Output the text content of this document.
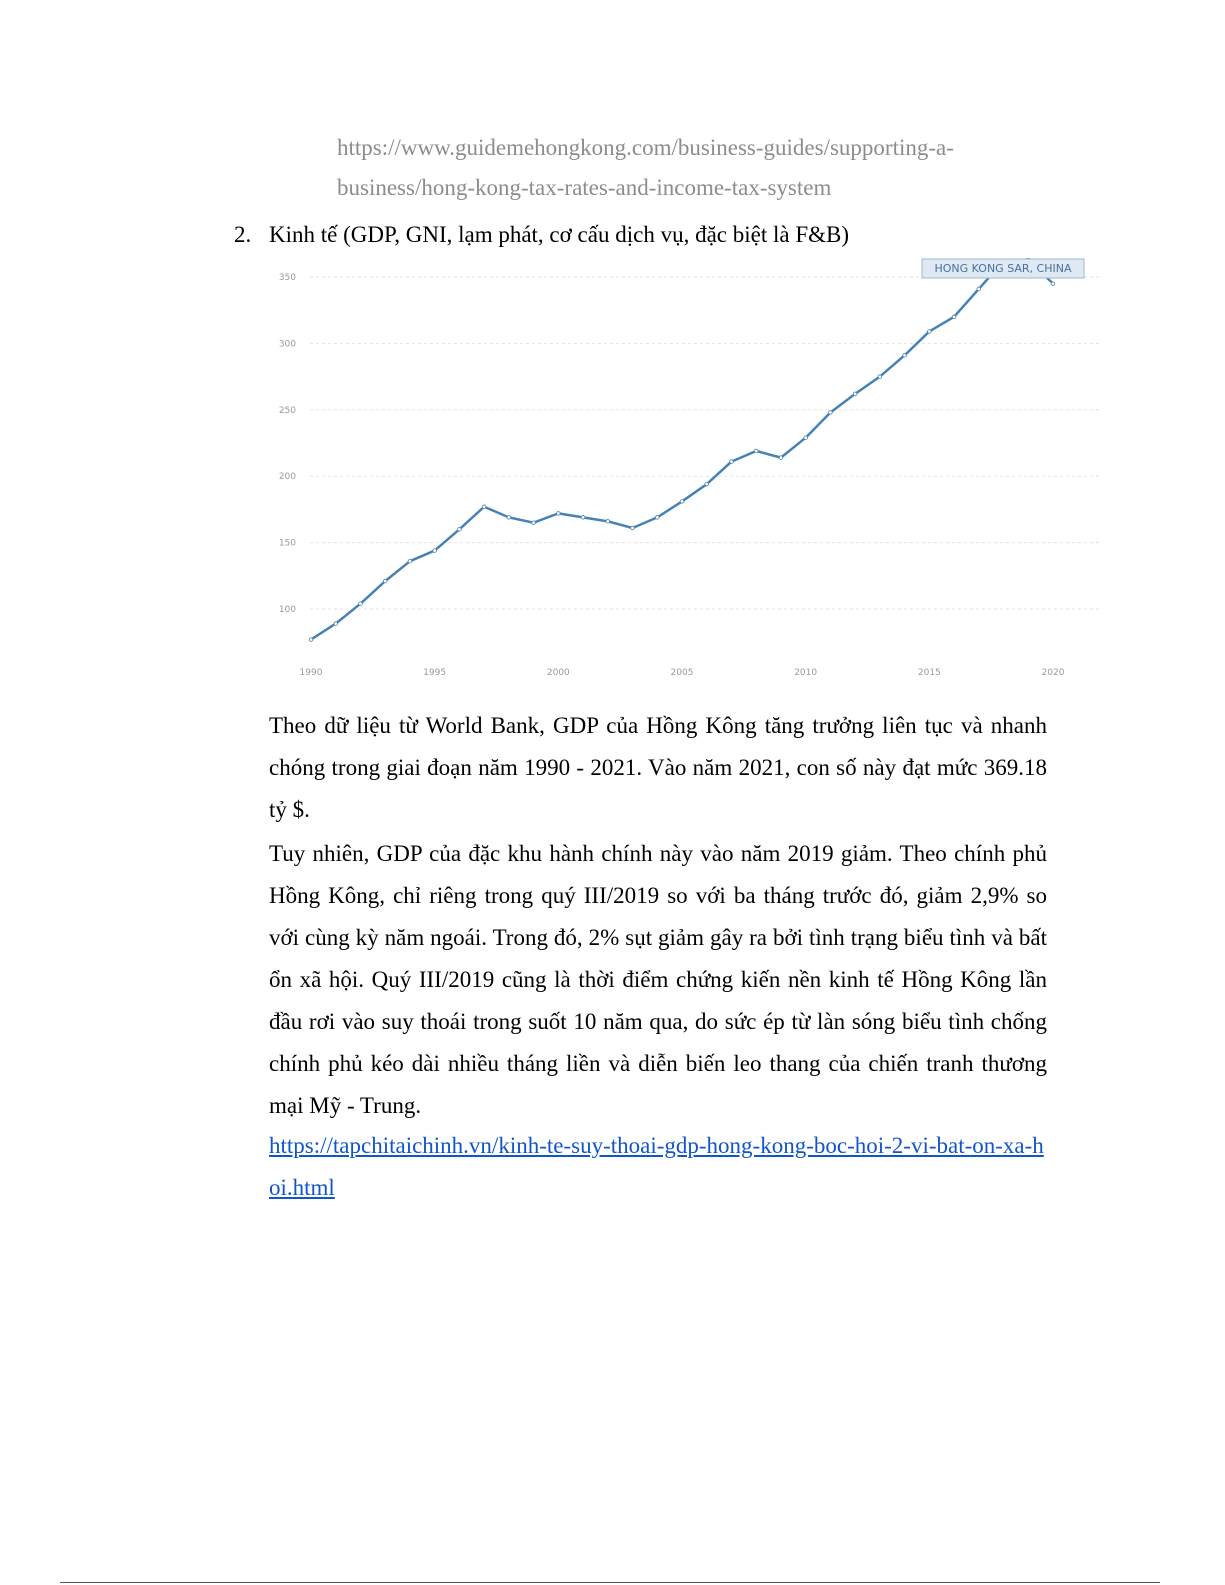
https://www.guidemehongkong.com/business-guides/supporting-a-business/hong-kong-tax-rates-and-income-tax-system
2. Kinh tế (GDP, GNI, lạm phát, cơ cấu dịch vụ, đặc biệt là F&B)
100
150
200
250
300
350
1990	1995	2000	2005	2010	2015	2020
HONG KONG SAR, CHINA
Theo dữ liệu từ World Bank, GDP của Hồng Kông tăng trưởng liên tục và nhanh chóng trong giai đoạn năm 1990 - 2021. Vào năm 2021, con số này đạt mức 369.18 tỷ $.
Tuy nhiên, GDP của đặc khu hành chính này vào năm 2019 giảm. Theo chính phủ Hồng Kông, chỉ riêng trong quý III/2019 so với ba tháng trước đó, giảm 2,9% so với cùng kỳ năm ngoái. Trong đó, 2% sụt giảm gây ra bởi tình trạng biểu tình và bất ổn xã hội. Quý III/2019 cũng là thời điểm chứng kiến nền kinh tế Hồng Kông lần đầu rơi vào suy thoái trong suốt 10 năm qua, do sức ép từ làn sóng biểu tình chống chính phủ kéo dài nhiều tháng liền và diễn biến leo thang của chiến tranh thương mại Mỹ - Trung.
https://tapchitaichinh.vn/kinh-te-suy-thoai-gdp-hong-kong-boc-hoi-2-vi-bat-on-xa-hoi.html
